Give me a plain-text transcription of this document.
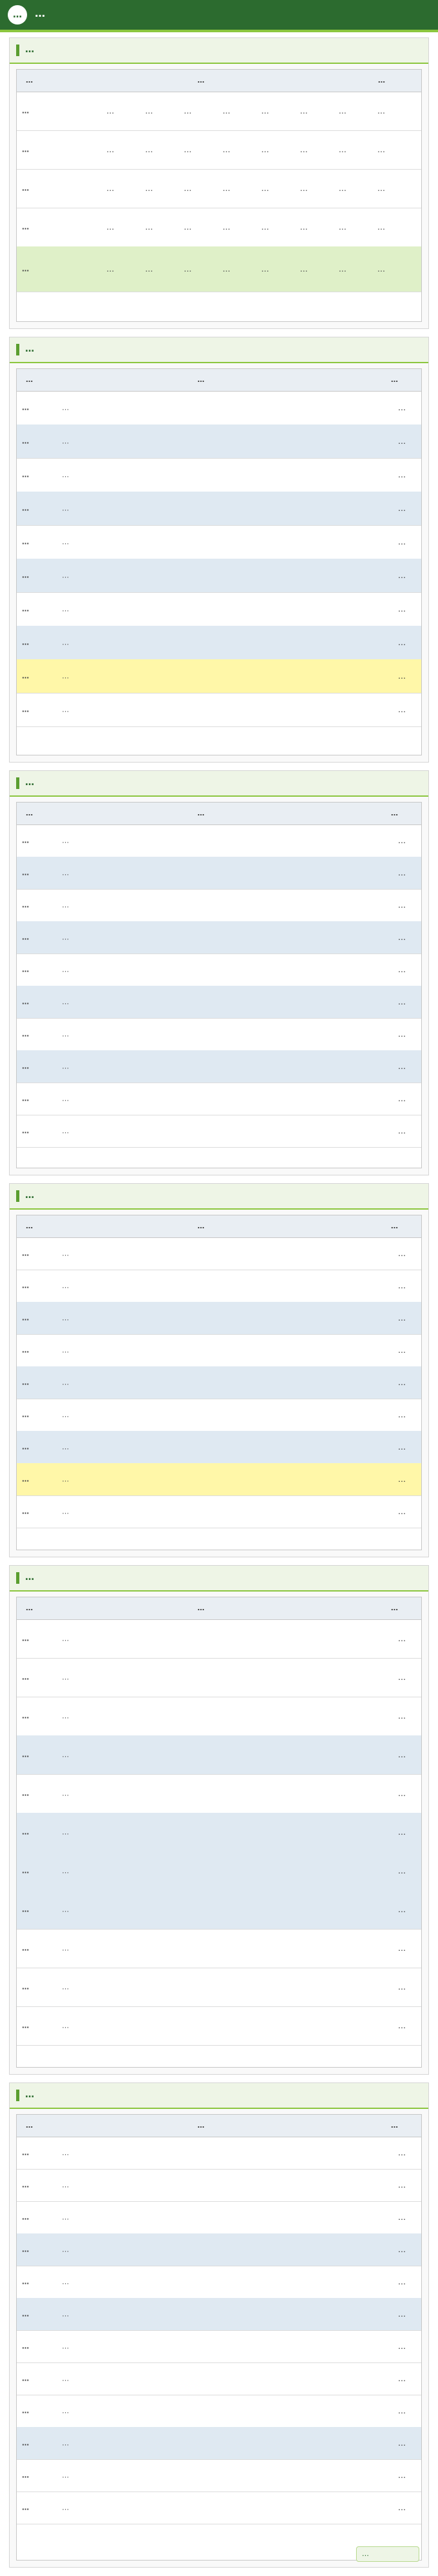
…	…
…
…	…	…
…	…	…	…	…	…	…	…	…
…	…	…	…	…	…	…	…	…
…	…	…	…	…	…	…	…	…
…	…	…	…	…	…	…	…	…
…	…	…	…	…	…	…	…	…
…
…	…	…
…	…	…
…	…	…
…	…	…
…	…	…
…	…	…
…	…	…
…	…	…
…	…	…
…	…	…
…	…	…
…
…	…	…
…	…	…
…	…	…
…	…	…
…	…	…
…	…	…
…	…	…
…	…	…
…	…	…
…	…	…
…	…	…
…
…	…	…
…	…	…
…	…	…
…	…	…
…	…	…
…	…	…
…	…	…
…	…	…
…	…	…
…	…	…
…
…	…	…
…	…	…
…	…	…
…	…	…
…	…	…
…	…	…
…	…	…
…	…	…
…	…	…
…	…	…
…	…	…
…	…	…
…
…	…	…
…	…	…
…	…	…
…	…	…
…	…	…
…	…	…
…	…	…
…	…	…
…	…	…
…	…	…
…	…	…
…	…	…
…	…	…
…
